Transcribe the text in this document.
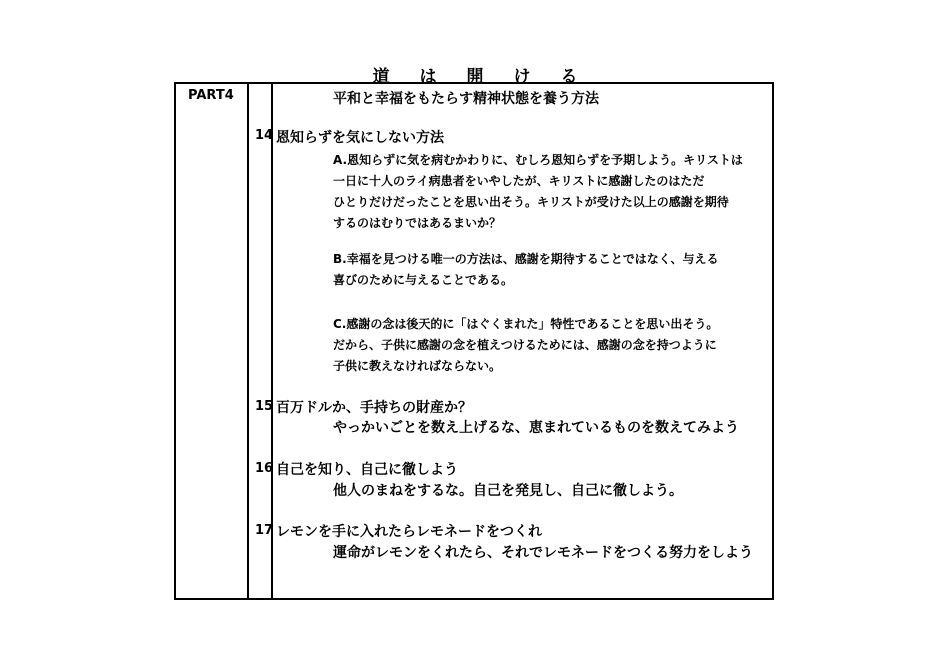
道は開ける
PART4	平和と幸福をもたらす精神状態を養う方法
14 恩知らずを気にしない方法
A.恩知らずに気を病むかわりに、むしろ恩知らずを予期しよう。キリストは
一日に十人のライ病患者をいやしたが、キリストに感謝したのはただ
ひとりだけだったことを思い出そう。キリストが受けた以上の感謝を期待
するのはむりではあるまいか？
B.幸福を見つける唯一の方法は、感謝を期待することではなく、与える
喜びのために与えることである。
C.感謝の念は後天的に「はぐくまれた」特性であることを思い出そう。
だから、子供に感謝の念を植えつけるためには、感謝の念を持つように
子供に教えなければならない。
15 百万ドルか、手持ちの財産か？
やっかいごとを数え上げるな、恵まれているものを数えてみよう
16 自己を知り、自己に徹しよう
他人のまねをするな。自己を発見し、自己に徹しよう。
17 レモンを手に入れたらレモネードをつくれ
運命がレモンをくれたら、それでレモネードをつくる努力をしよう
